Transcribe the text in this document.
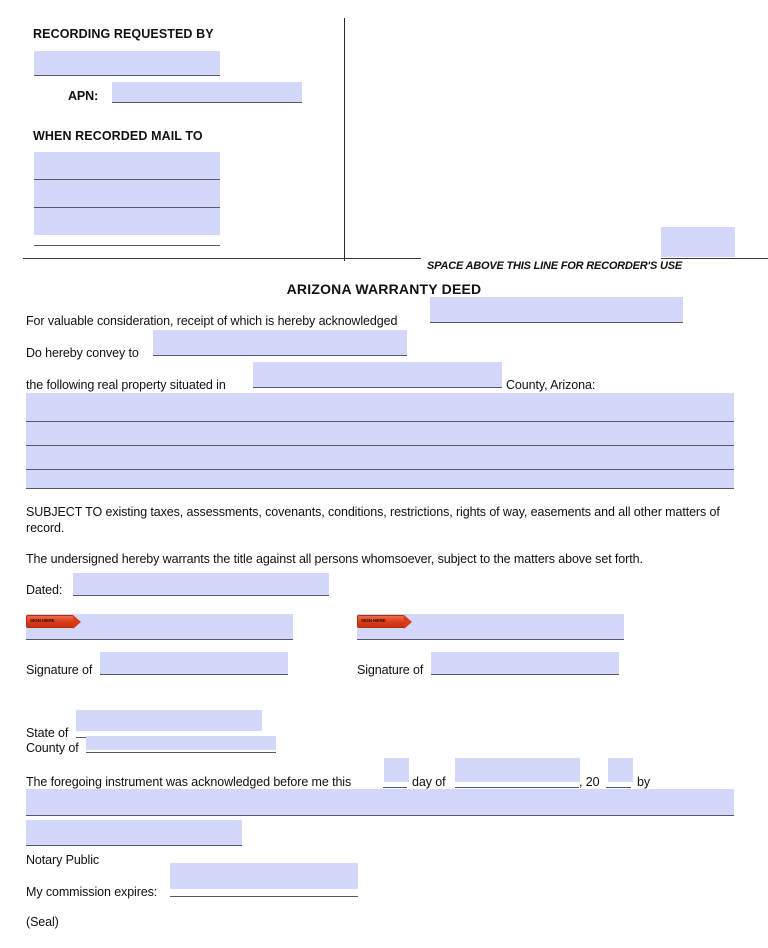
RECORDING REQUESTED BY
APN:
WHEN RECORDED MAIL TO
SPACE ABOVE THIS LINE FOR RECORDER'S USE
ARIZONA WARRANTY DEED
For valuable consideration, receipt of which is hereby acknowledged
Do hereby convey to
the following real property situated in	County, Arizona:
SUBJECT TO existing taxes, assessments, covenants, conditions, restrictions, rights of way, easements and all other matters of record.
The undersigned hereby warrants the title against all persons whomsoever, subject to the matters above set forth.
Dated:
SIGN HERE	SIGN HERE
Signature of	Signature of
State of
County of
The foregoing instrument was acknowledged before me this	day of	, 20	by
Notary Public
My commission expires:
(Seal)
